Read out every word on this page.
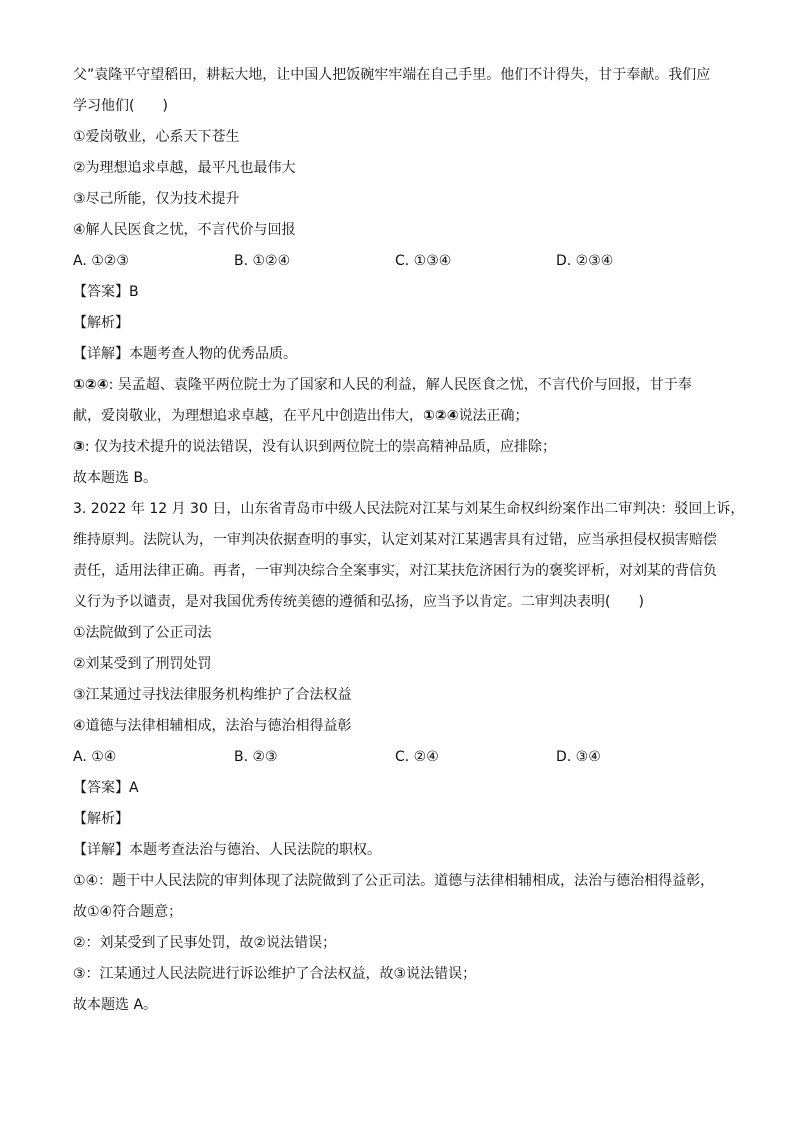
父”袁隆平守望稻田，耕耘大地，让中国人把饭碗牢牢端在自己手里。他们不计得失，甘于奉献。我们应
学习他们(　　)
①爱岗敬业，心系天下苍生
②为理想追求卓越，最平凡也最伟大
③尽己所能，仅为技术提升
④解人民医食之忧，不言代价与回报
A. ①②③	B. ①②④	C. ①③④	D. ②③④
【答案】B
【解析】
【详解】本题考查人物的优秀品质。
①②④: 吴孟超、袁隆平两位院士为了国家和人民的利益，解人民医食之忧，不言代价与回报，甘于奉
献，爱岗敬业，为理想追求卓越，在平凡中创造出伟大，①②④说法正确；
③: 仅为技术提升的说法错误，没有认识到两位院士的崇高精神品质，应排除；
故本题选 B。
3. 2022 年 12 月 30 日，山东省青岛市中级人民法院对江某与刘某生命权纠纷案作出二审判决：驳回上诉，
维持原判。法院认为，一审判决依据查明的事实，认定刘某对江某遇害具有过错，应当承担侵权损害赔偿
责任，适用法律正确。再者，一审判决综合全案事实，对江某扶危济困行为的褒奖评析，对刘某的背信负
义行为予以谴责，是对我国优秀传统美德的遵循和弘扬，应当予以肯定。二审判决表明(　　)
①法院做到了公正司法
②刘某受到了刑罚处罚
③江某通过寻找法律服务机构维护了合法权益
④道德与法律相辅相成，法治与德治相得益彰
A. ①④	B. ②③	C. ②④	D. ③④
【答案】A
【解析】
【详解】本题考查法治与德治、人民法院的职权。
①④：题干中人民法院的审判体现了法院做到了公正司法。道德与法律相辅相成，法治与德治相得益彰，
故①④符合题意；
②：刘某受到了民事处罚，故②说法错误；
③：江某通过人民法院进行诉讼维护了合法权益，故③说法错误；
故本题选 A。
